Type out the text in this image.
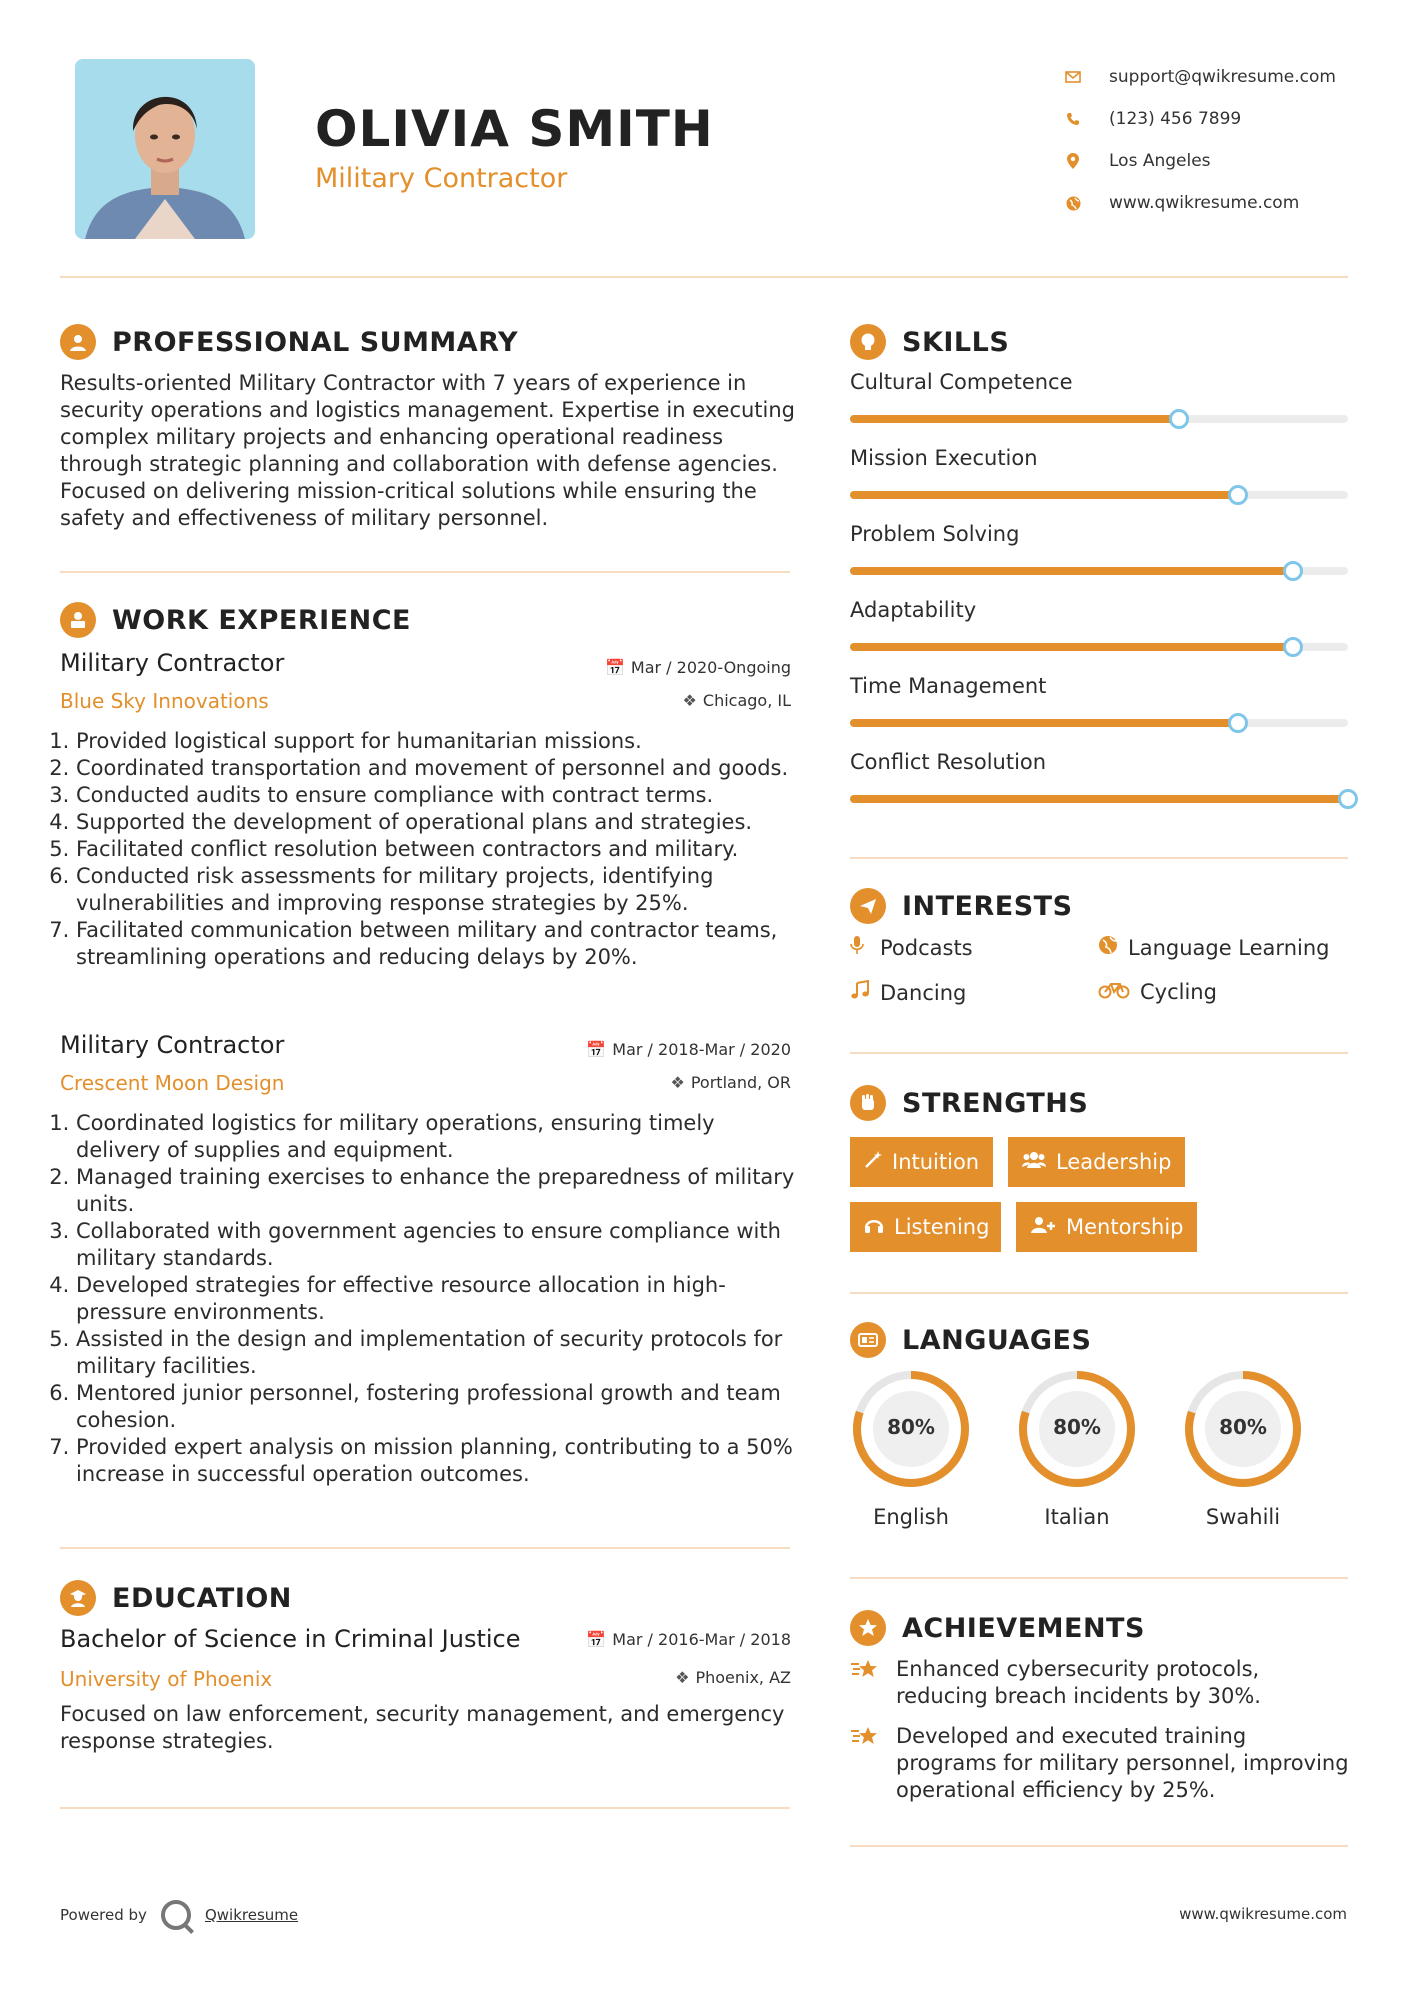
OLIVIA SMITH
Military Contractor
support@qwikresume.com
(123) 456 7899
Los Angeles
www.qwikresume.com
PROFESSIONAL SUMMARY
Results-oriented Military Contractor with 7 years of experience in security operations and logistics management. Expertise in executing complex military projects and enhancing operational readiness through strategic planning and collaboration with defense agencies. Focused on delivering mission-critical solutions while ensuring the safety and effectiveness of military personnel.
WORK EXPERIENCE
Military Contractor
Blue Sky Innovations
📅 Mar / 2020-Ongoing
❖ Chicago, IL
1. Provided logistical support for humanitarian missions.
2. Coordinated transportation and movement of personnel and goods.
3. Conducted audits to ensure compliance with contract terms.
4. Supported the development of operational plans and strategies.
5. Facilitated conflict resolution between contractors and military.
6. Conducted risk assessments for military projects, identifying vulnerabilities and improving response strategies by 25%.
7. Facilitated communication between military and contractor teams, streamlining operations and reducing delays by 20%.
Military Contractor
Crescent Moon Design
📅 Mar / 2018-Mar / 2020
❖ Portland, OR
1. Coordinated logistics for military operations, ensuring timely delivery of supplies and equipment.
2. Managed training exercises to enhance the preparedness of military units.
3. Collaborated with government agencies to ensure compliance with military standards.
4. Developed strategies for effective resource allocation in high-pressure environments.
5. Assisted in the design and implementation of security protocols for military facilities.
6. Mentored junior personnel, fostering professional growth and team cohesion.
7. Provided expert analysis on mission planning, contributing to a 50% increase in successful operation outcomes.
EDUCATION
Bachelor of Science in Criminal Justice
University of Phoenix
📅 Mar / 2016-Mar / 2018
❖ Phoenix, AZ
Focused on law enforcement, security management, and emergency response strategies.
SKILLS
Cultural Competence
Mission Execution
Problem Solving
Adaptability
Time Management
Conflict Resolution
INTERESTS
Podcasts	Language Learning
Dancing	Cycling
STRENGTHS
Intuition	Leadership
Listening	Mentorship
LANGUAGES
80%
English
80%
Italian
80%
Swahili
ACHIEVEMENTS
Enhanced cybersecurity protocols, reducing breach incidents by 30%.
Developed and executed training programs for military personnel, improving operational efficiency by 25%.
Powered by	Qwikresume	www.qwikresume.com
